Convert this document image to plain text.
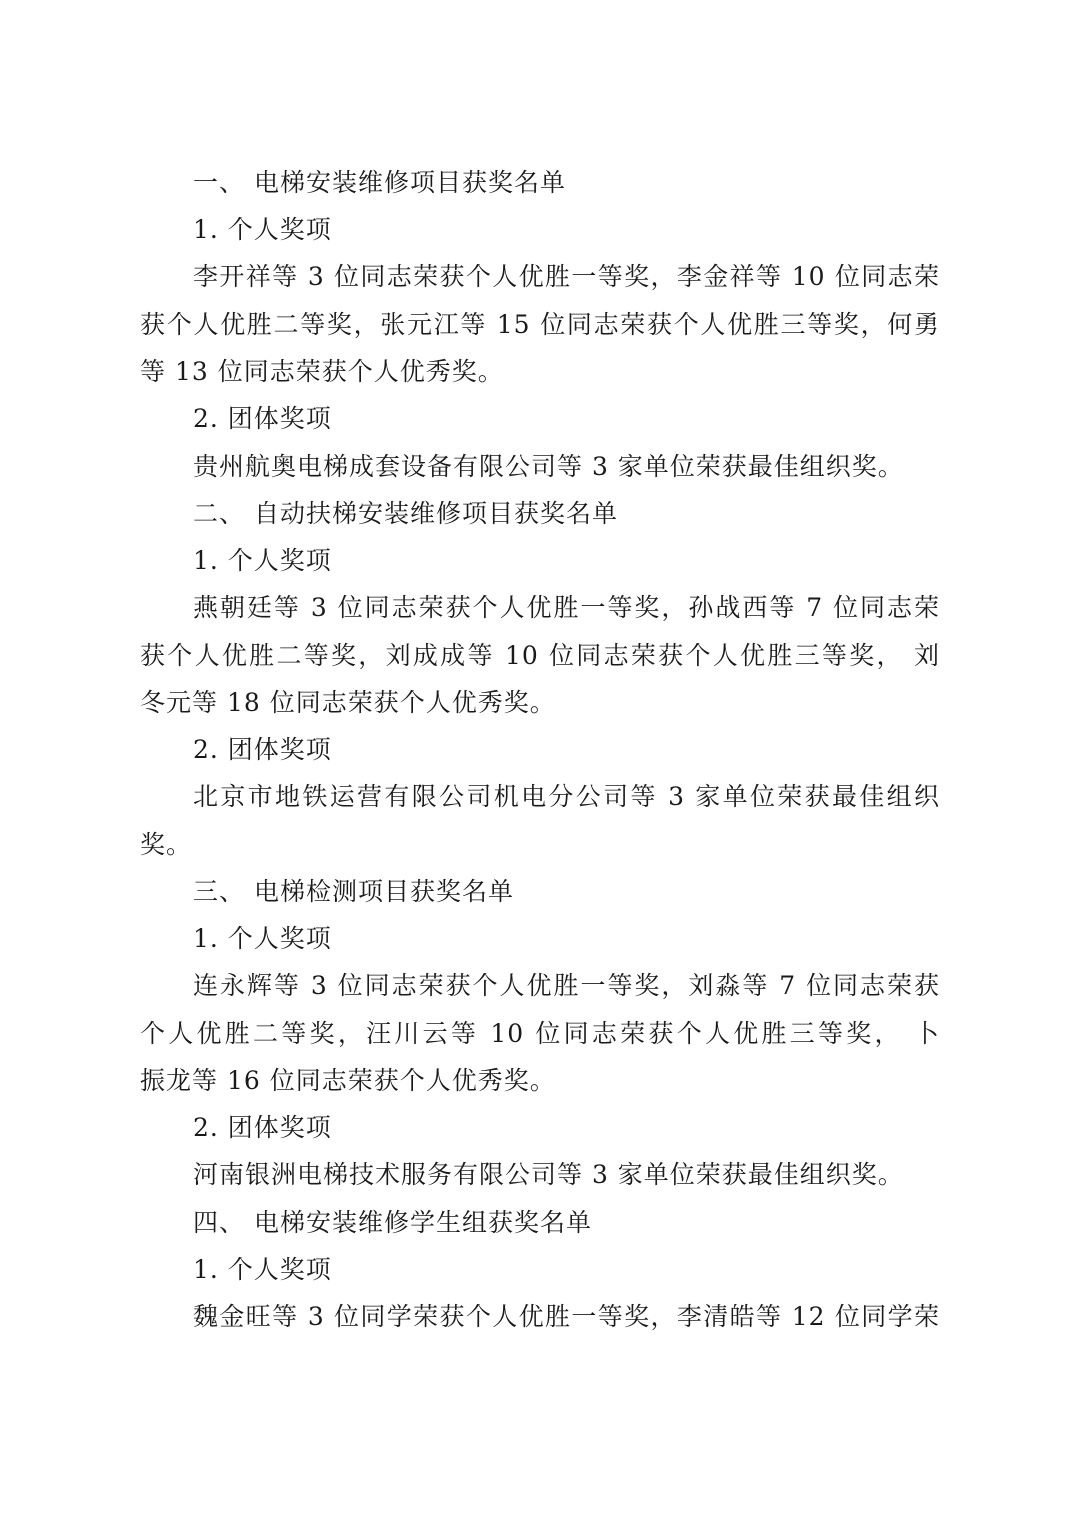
一、 电梯安装维修项目获奖名单
1. 个人奖项
李开祥等 3 位同志荣获个人优胜一等奖，李金祥等 10 位同志荣
获个人优胜二等奖，张元江等 15 位同志荣获个人优胜三等奖，何勇
等 13 位同志荣获个人优秀奖。
2. 团体奖项
贵州航奥电梯成套设备有限公司等 3 家单位荣获最佳组织奖。
二、 自动扶梯安装维修项目获奖名单
1. 个人奖项
燕朝廷等 3 位同志荣获个人优胜一等奖，孙战西等 7 位同志荣
获个人优胜二等奖，刘成成等 10 位同志荣获个人优胜三等奖， 刘
冬元等 18 位同志荣获个人优秀奖。
2. 团体奖项
北京市地铁运营有限公司机电分公司等 3 家单位荣获最佳组织
奖。
三、 电梯检测项目获奖名单
1. 个人奖项
连永辉等 3 位同志荣获个人优胜一等奖，刘淼等 7 位同志荣获
个人优胜二等奖，汪川云等 10 位同志荣获个人优胜三等奖， 卜
振龙等 16 位同志荣获个人优秀奖。
2. 团体奖项
河南银洲电梯技术服务有限公司等 3 家单位荣获最佳组织奖。
四、 电梯安装维修学生组获奖名单
1. 个人奖项
魏金旺等 3 位同学荣获个人优胜一等奖，李清皓等 12 位同学荣
